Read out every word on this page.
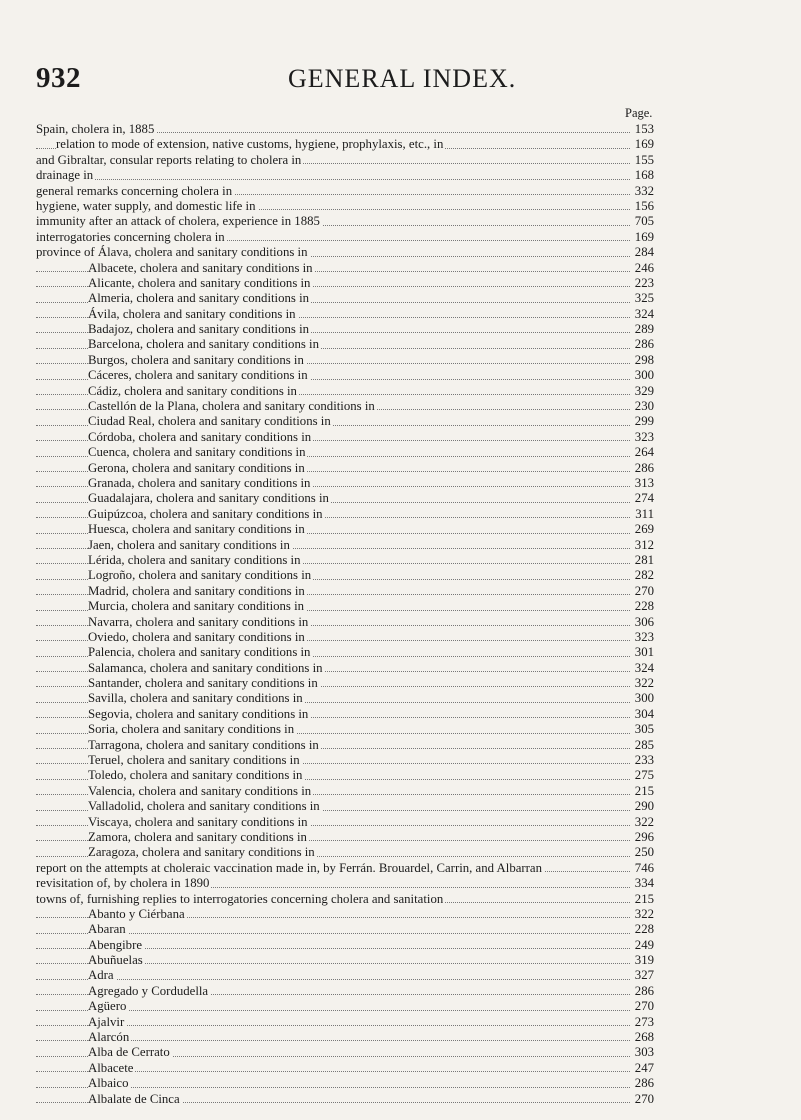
932	GENERAL INDEX.
Page.
Spain, cholera in, 1885	153
relation to mode of extension, native customs, hygiene, prophylaxis, etc., in	169
and Gibraltar, consular reports relating to cholera in	155
drainage in	168
general remarks concerning cholera in	332
hygiene, water supply, and domestic life in	156
immunity after an attack of cholera, experience in 1885	705
interrogatories concerning cholera in	169
province of Álava, cholera and sanitary conditions in	284
Albacete, cholera and sanitary conditions in	246
Alicante, cholera and sanitary conditions in	223
Almeria, cholera and sanitary conditions in	325
Ávila, cholera and sanitary conditions in	324
Badajoz, cholera and sanitary conditions in	289
Barcelona, cholera and sanitary conditions in	286
Burgos, cholera and sanitary conditions in	298
Cáceres, cholera and sanitary conditions in	300
Cádiz, cholera and sanitary conditions in	329
Castellón de la Plana, cholera and sanitary conditions in	230
Ciudad Real, cholera and sanitary conditions in	299
Córdoba, cholera and sanitary conditions in	323
Cuenca, cholera and sanitary conditions in	264
Gerona, cholera and sanitary conditions in	286
Granada, cholera and sanitary conditions in	313
Guadalajara, cholera and sanitary conditions in	274
Guipúzcoa, cholera and sanitary conditions in	311
Huesca, cholera and sanitary conditions in	269
Jaen, cholera and sanitary conditions in	312
Lérida, cholera and sanitary conditions in	281
Logroño, cholera and sanitary conditions in	282
Madrid, cholera and sanitary conditions in	270
Murcia, cholera and sanitary conditions in	228
Navarra, cholera and sanitary conditions in	306
Oviedo, cholera and sanitary conditions in	323
Palencia, cholera and sanitary conditions in	301
Salamanca, cholera and sanitary conditions in	324
Santander, cholera and sanitary conditions in	322
Savilla, cholera and sanitary conditions in	300
Segovia, cholera and sanitary conditions in	304
Soria, cholera and sanitary conditions in	305
Tarragona, cholera and sanitary conditions in	285
Teruel, cholera and sanitary conditions in	233
Toledo, cholera and sanitary conditions in	275
Valencia, cholera and sanitary conditions in	215
Valladolid, cholera and sanitary conditions in	290
Viscaya, cholera and sanitary conditions in	322
Zamora, cholera and sanitary conditions in	296
Zaragoza, cholera and sanitary conditions in	250
report on the attempts at choleraic vaccination made in, by Ferrán. Brouardel, Carrin, and Albarran	746
revisitation of, by cholera in 1890	334
towns of, furnishing replies to interrogatories concerning cholera and sanitation	215
Abanto y Ciérbana	322
Abaran	228
Abengibre	249
Abuñuelas	319
Adra	327
Agregado y Cordudella	286
Agüero	270
Ajalvir	273
Alarcón	268
Alba de Cerrato	303
Albacete	247
Albaico	286
Albalate de Cinca	270
